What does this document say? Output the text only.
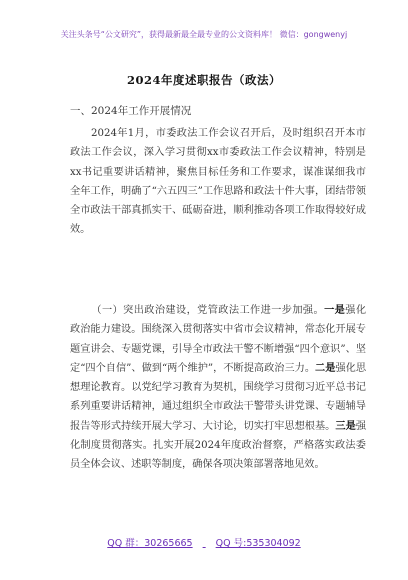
关注头条号“公文研究”，获得最新最全最专业的公文资料库！ 微信：gongwenyj
2024年度述职报告（政法）
一、2024年工作开展情况
2024年1月，市委政法工作会议召开后，及时组织召开本市政法工作会议，深入学习贯彻xx市委政法工作会议精神，特别是xx书记重要讲话精神，聚焦目标任务和工作要求，谋准谋细我市全年工作，明确了“六五四三”工作思路和政法十件大事，团结带领全市政法干部真抓实干、砥砺奋进，顺利推动各项工作取得较好成效。
（一）突出政治建设，党管政法工作进一步加强。一是强化政治能力建设。围绕深入贯彻落实中省市会议精神，常态化开展专题宣讲会、专题党课，引导全市政法干警不断增强“四个意识”、坚定“四个自信”、做到“两个维护”，不断提高政治三力。二是强化思想理论教育。以党纪学习教育为契机，围绕学习贯彻习近平总书记系列重要讲话精神，通过组织全市政法干警带头讲党课、专题辅导报告等形式持续开展大学习、大讨论，切实打牢思想根基。三是强化制度贯彻落实。扎实开展2024年度政治督察，严格落实政法委员全体会议、述职等制度，确保各项决策部署落地见效。
QQ 群：30265665 QQ 号:535304092
